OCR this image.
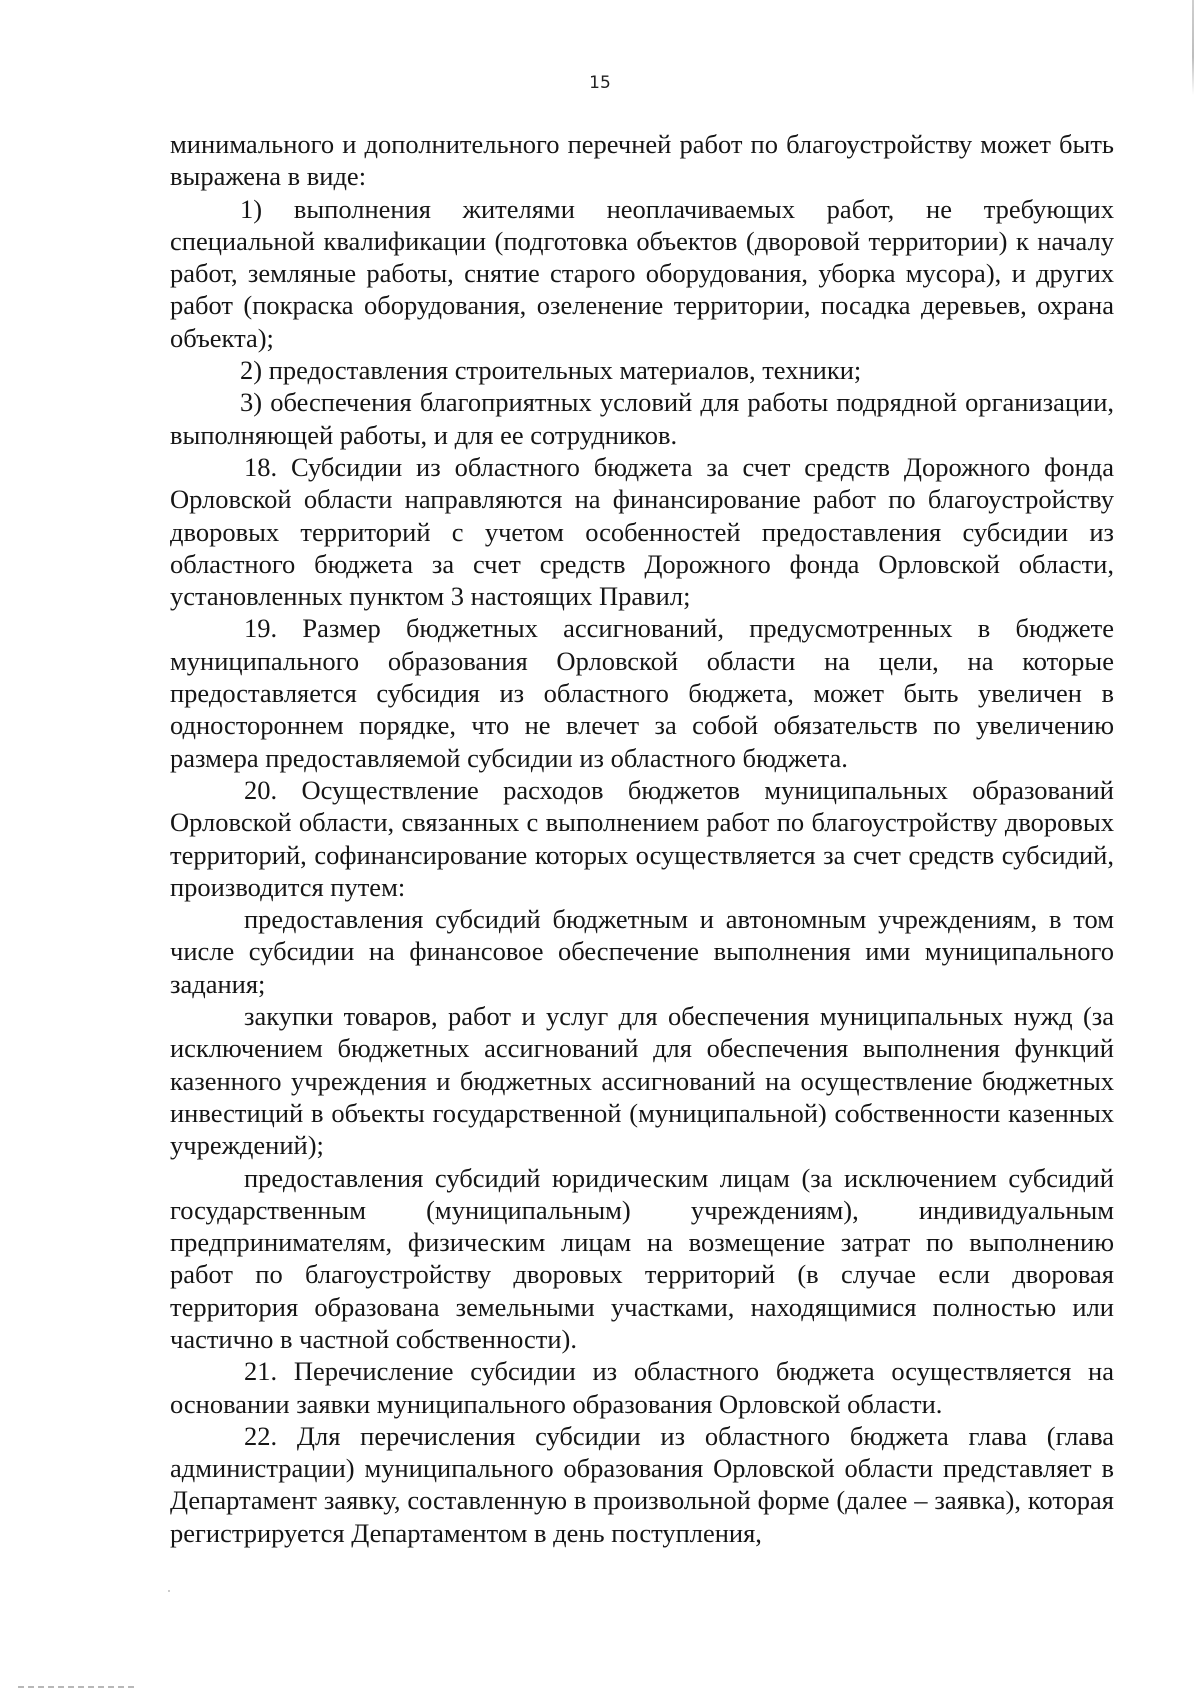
15

минимального и дополнительного перечней работ по благоустройству может быть выражена в виде:

1) выполнения жителями неоплачиваемых работ, не требующих специальной квалификации (подготовка объектов (дворовой территории) к началу работ, земляные работы, снятие старого оборудования, уборка мусора), и других работ (покраска оборудования, озеленение территории, посадка деревьев, охрана объекта);

2) предоставления строительных материалов, техники;

3) обеспечения благоприятных условий для работы подрядной организации, выполняющей работы, и для ее сотрудников.

18. Субсидии из областного бюджета за счет средств Дорожного фонда Орловской области направляются на финансирование работ по благоустройству дворовых территорий с учетом особенностей предоставления субсидии из областного бюджета за счет средств Дорожного фонда Орловской области, установленных пунктом 3 настоящих Правил;

19. Размер бюджетных ассигнований, предусмотренных в бюджете муниципального образования Орловской области на цели, на которые предоставляется субсидия из областного бюджета, может быть увеличен в одностороннем порядке, что не влечет за собой обязательств по увеличению размера предоставляемой субсидии из областного бюджета.

20. Осуществление расходов бюджетов муниципальных образований Орловской области, связанных с выполнением работ по благоустройству дворовых территорий, софинансирование которых осуществляется за счет средств субсидий, производится путем:

предоставления субсидий бюджетным и автономным учреждениям, в том числе субсидии на финансовое обеспечение выполнения ими муниципального задания;

закупки товаров, работ и услуг для обеспечения муниципальных нужд (за исключением бюджетных ассигнований для обеспечения выполнения функций казенного учреждения и бюджетных ассигнований на осуществление бюджетных инвестиций в объекты государственной (муниципальной) собственности казенных учреждений);

предоставления субсидий юридическим лицам (за исключением субсидий государственным (муниципальным) учреждениям), индивидуальным предпринимателям, физическим лицам на возмещение затрат по выполнению работ по благоустройству дворовых территорий (в случае если дворовая территория образована земельными участками, находящимися полностью или частично в частной собственности).

21. Перечисление субсидии из областного бюджета осуществляется на основании заявки муниципального образования Орловской области.

22. Для перечисления субсидии из областного бюджета глава (глава администрации) муниципального образования Орловской области представляет в Департамент заявку, составленную в произвольной форме (далее – заявка), которая регистрируется Департаментом в день поступления,
